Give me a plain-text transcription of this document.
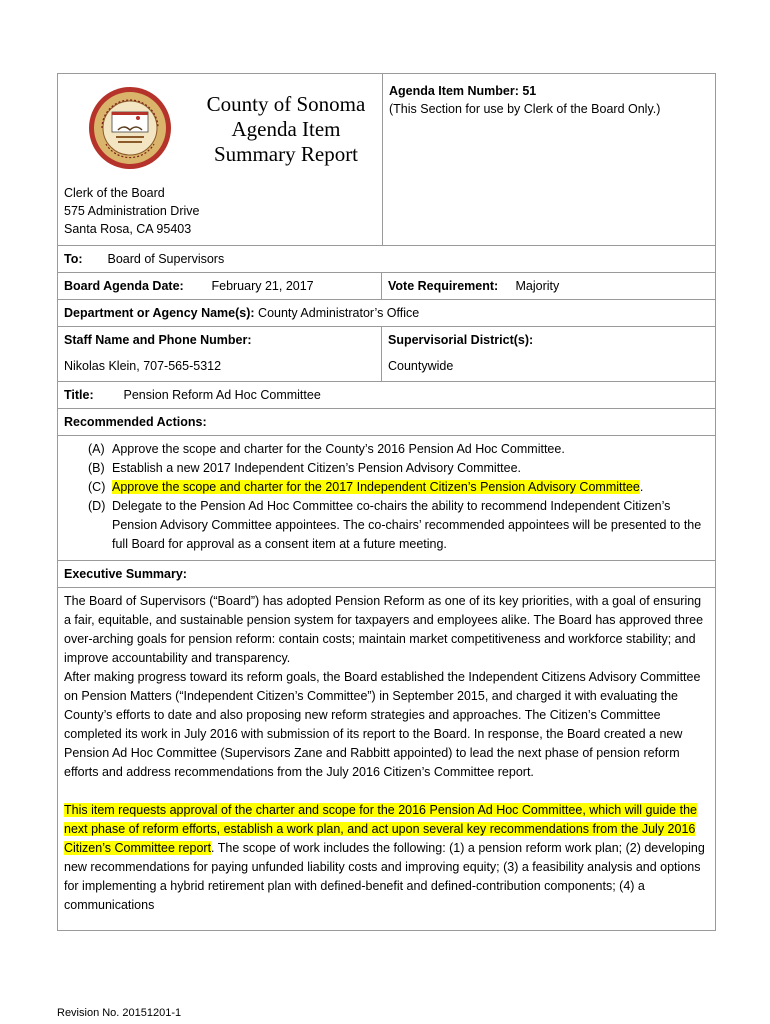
County of Sonoma
Agenda Item
Summary Report
Clerk of the Board
575 Administration Drive
Santa Rosa, CA 95403
Agenda Item Number: 51
(This Section for use by Clerk of the Board Only.)
To: Board of Supervisors
Board Agenda Date: February 21, 2017	Vote Requirement: Majority
Department or Agency Name(s): County Administrator’s Office
Staff Name and Phone Number:
Nikolas Klein, 707-565-5312
Supervisorial District(s):
Countywide
Title: Pension Reform Ad Hoc Committee
Recommended Actions:
(A) Approve the scope and charter for the County’s 2016 Pension Ad Hoc Committee.
(B) Establish a new 2017 Independent Citizen’s Pension Advisory Committee.
(C) Approve the scope and charter for the 2017 Independent Citizen’s Pension Advisory Committee.
(D) Delegate to the Pension Ad Hoc Committee co-chairs the ability to recommend Independent Citizen’s Pension Advisory Committee appointees. The co-chairs’ recommended appointees will be presented to the full Board for approval as a consent item at a future meeting.
Executive Summary:

The Board of Supervisors (“Board”) has adopted Pension Reform as one of its key priorities, with a goal of ensuring a fair, equitable, and sustainable pension system for taxpayers and employees alike. The Board has approved three over-arching goals for pension reform: contain costs; maintain market competitiveness and workforce stability; and improve accountability and transparency.

After making progress toward its reform goals, the Board established the Independent Citizens Advisory Committee on Pension Matters (“Independent Citizen’s Committee”) in September 2015, and charged it with evaluating the County’s efforts to date and also proposing new reform strategies and approaches. The Citizen’s Committee completed its work in July 2016 with submission of its report to the Board. In response, the Board created a new Pension Ad Hoc Committee (Supervisors Zane and Rabbitt appointed) to lead the next phase of pension reform efforts and address recommendations from the July 2016 Citizen’s Committee report.

This item requests approval of the charter and scope for the 2016 Pension Ad Hoc Committee, which will guide the next phase of reform efforts, establish a work plan, and act upon several key recommendations from the July 2016 Citizen’s Committee report. The scope of work includes the following: (1) a pension reform work plan; (2) developing new recommendations for paying unfunded liability costs and improving equity; (3) a feasibility analysis and options for implementing a hybrid retirement plan with defined-benefit and defined-contribution components; (4) a communications

Revision No. 20151201-1
